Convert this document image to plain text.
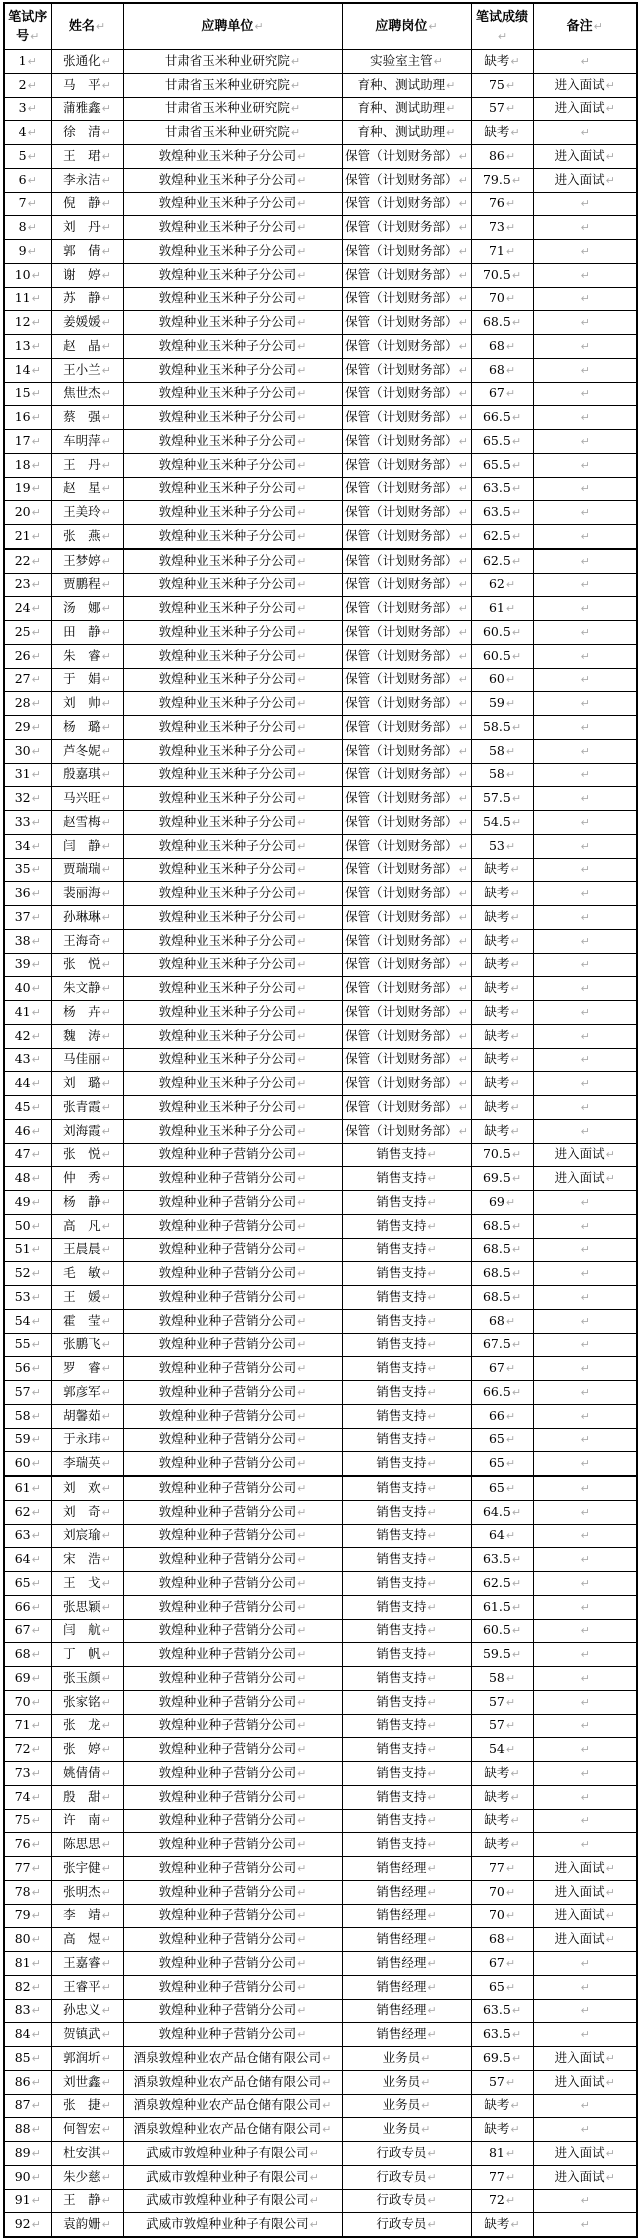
笔试序号↵	姓名↵	应聘单位↵	应聘岗位↵	笔试成绩↵	备注↵
1↵	张通化↵	甘肃省玉米种业研究院↵	实验室主管↵	缺考↵	↵
2↵	马　平↵	甘肃省玉米种业研究院↵	育种、测试助理↵	75↵	进入面试↵
3↵	蒲雅鑫↵	甘肃省玉米种业研究院↵	育种、测试助理↵	57↵	进入面试↵
4↵	徐　清↵	甘肃省玉米种业研究院↵	育种、测试助理↵	缺考↵	↵
5↵	王　珺↵	敦煌种业玉米种子分公司↵	保管（计划财务部）↵	86↵	进入面试↵
6↵	李永洁↵	敦煌种业玉米种子分公司↵	保管（计划财务部）↵	79.5↵	进入面试↵
7↵	倪　静↵	敦煌种业玉米种子分公司↵	保管（计划财务部）↵	76↵	↵
8↵	刘　丹↵	敦煌种业玉米种子分公司↵	保管（计划财务部）↵	73↵	↵
9↵	郭　倩↵	敦煌种业玉米种子分公司↵	保管（计划财务部）↵	71↵	↵
10↵	谢　婷↵	敦煌种业玉米种子分公司↵	保管（计划财务部）↵	70.5↵	↵
11↵	苏　静↵	敦煌种业玉米种子分公司↵	保管（计划财务部）↵	70↵	↵
12↵	姜媛媛↵	敦煌种业玉米种子分公司↵	保管（计划财务部）↵	68.5↵	↵
13↵	赵　晶↵	敦煌种业玉米种子分公司↵	保管（计划财务部）↵	68↵	↵
14↵	王小兰↵	敦煌种业玉米种子分公司↵	保管（计划财务部）↵	68↵	↵
15↵	焦世杰↵	敦煌种业玉米种子分公司↵	保管（计划财务部）↵	67↵	↵
16↵	蔡　强↵	敦煌种业玉米种子分公司↵	保管（计划财务部）↵	66.5↵	↵
17↵	车明萍↵	敦煌种业玉米种子分公司↵	保管（计划财务部）↵	65.5↵	↵
18↵	王　丹↵	敦煌种业玉米种子分公司↵	保管（计划财务部）↵	65.5↵	↵
19↵	赵　星↵	敦煌种业玉米种子分公司↵	保管（计划财务部）↵	63.5↵	↵
20↵	王美玲↵	敦煌种业玉米种子分公司↵	保管（计划财务部）↵	63.5↵	↵
21↵	张　燕↵	敦煌种业玉米种子分公司↵	保管（计划财务部）↵	62.5↵	↵
22↵	王梦婷↵	敦煌种业玉米种子分公司↵	保管（计划财务部）↵	62.5↵	↵
23↵	贾鹏程↵	敦煌种业玉米种子分公司↵	保管（计划财务部）↵	62↵	↵
24↵	汤　娜↵	敦煌种业玉米种子分公司↵	保管（计划财务部）↵	61↵	↵
25↵	田　静↵	敦煌种业玉米种子分公司↵	保管（计划财务部）↵	60.5↵	↵
26↵	朱　睿↵	敦煌种业玉米种子分公司↵	保管（计划财务部）↵	60.5↵	↵
27↵	于　娟↵	敦煌种业玉米种子分公司↵	保管（计划财务部）↵	60↵	↵
28↵	刘　帅↵	敦煌种业玉米种子分公司↵	保管（计划财务部）↵	59↵	↵
29↵	杨　璐↵	敦煌种业玉米种子分公司↵	保管（计划财务部）↵	58.5↵	↵
30↵	芦冬妮↵	敦煌种业玉米种子分公司↵	保管（计划财务部）↵	58↵	↵
31↵	殷嘉琪↵	敦煌种业玉米种子分公司↵	保管（计划财务部）↵	58↵	↵
32↵	马兴旺↵	敦煌种业玉米种子分公司↵	保管（计划财务部）↵	57.5↵	↵
33↵	赵雪梅↵	敦煌种业玉米种子分公司↵	保管（计划财务部）↵	54.5↵	↵
34↵	闫　静↵	敦煌种业玉米种子分公司↵	保管（计划财务部）↵	53↵	↵
35↵	贾瑞瑞↵	敦煌种业玉米种子分公司↵	保管（计划财务部）↵	缺考↵	↵
36↵	裴丽海↵	敦煌种业玉米种子分公司↵	保管（计划财务部）↵	缺考↵	↵
37↵	孙琳琳↵	敦煌种业玉米种子分公司↵	保管（计划财务部）↵	缺考↵	↵
38↵	王海奇↵	敦煌种业玉米种子分公司↵	保管（计划财务部）↵	缺考↵	↵
39↵	张　悦↵	敦煌种业玉米种子分公司↵	保管（计划财务部）↵	缺考↵	↵
40↵	朱文静↵	敦煌种业玉米种子分公司↵	保管（计划财务部）↵	缺考↵	↵
41↵	杨　卉↵	敦煌种业玉米种子分公司↵	保管（计划财务部）↵	缺考↵	↵
42↵	魏　涛↵	敦煌种业玉米种子分公司↵	保管（计划财务部）↵	缺考↵	↵
43↵	马佳丽↵	敦煌种业玉米种子分公司↵	保管（计划财务部）↵	缺考↵	↵
44↵	刘　璐↵	敦煌种业玉米种子分公司↵	保管（计划财务部）↵	缺考↵	↵
45↵	张青霞↵	敦煌种业玉米种子分公司↵	保管（计划财务部）↵	缺考↵	↵
46↵	刘海霞↵	敦煌种业玉米种子分公司↵	保管（计划财务部）↵	缺考↵	↵
47↵	张　悦↵	敦煌种业种子营销分公司↵	销售支持↵	70.5↵	进入面试↵
48↵	仲　秀↵	敦煌种业种子营销分公司↵	销售支持↵	69.5↵	进入面试↵
49↵	杨　静↵	敦煌种业种子营销分公司↵	销售支持↵	69↵	↵
50↵	高　凡↵	敦煌种业种子营销分公司↵	销售支持↵	68.5↵	↵
51↵	王晨晨↵	敦煌种业种子营销分公司↵	销售支持↵	68.5↵	↵
52↵	毛　敏↵	敦煌种业种子营销分公司↵	销售支持↵	68.5↵	↵
53↵	王　媛↵	敦煌种业种子营销分公司↵	销售支持↵	68.5↵	↵
54↵	霍　莹↵	敦煌种业种子营销分公司↵	销售支持↵	68↵	↵
55↵	张鹏飞↵	敦煌种业种子营销分公司↵	销售支持↵	67.5↵	↵
56↵	罗　睿↵	敦煌种业种子营销分公司↵	销售支持↵	67↵	↵
57↵	郭彦军↵	敦煌种业种子营销分公司↵	销售支持↵	66.5↵	↵
58↵	胡馨茹↵	敦煌种业种子营销分公司↵	销售支持↵	66↵	↵
59↵	于永玮↵	敦煌种业种子营销分公司↵	销售支持↵	65↵	↵
60↵	李瑞英↵	敦煌种业种子营销分公司↵	销售支持↵	65↵	↵
61↵	刘　欢↵	敦煌种业种子营销分公司↵	销售支持↵	65↵	↵
62↵	刘　奇↵	敦煌种业种子营销分公司↵	销售支持↵	64.5↵	↵
63↵	刘宸瑜↵	敦煌种业种子营销分公司↵	销售支持↵	64↵	↵
64↵	宋　浩↵	敦煌种业种子营销分公司↵	销售支持↵	63.5↵	↵
65↵	王　戈↵	敦煌种业种子营销分公司↵	销售支持↵	62.5↵	↵
66↵	张思颖↵	敦煌种业种子营销分公司↵	销售支持↵	61.5↵	↵
67↵	闫　航↵	敦煌种业种子营销分公司↵	销售支持↵	60.5↵	↵
68↵	丁　帆↵	敦煌种业种子营销分公司↵	销售支持↵	59.5↵	↵
69↵	张玉颜↵	敦煌种业种子营销分公司↵	销售支持↵	58↵	↵
70↵	张家铭↵	敦煌种业种子营销分公司↵	销售支持↵	57↵	↵
71↵	张　龙↵	敦煌种业种子营销分公司↵	销售支持↵	57↵	↵
72↵	张　婷↵	敦煌种业种子营销分公司↵	销售支持↵	54↵	↵
73↵	姚倩倩↵	敦煌种业种子营销分公司↵	销售支持↵	缺考↵	↵
74↵	殷　甜↵	敦煌种业种子营销分公司↵	销售支持↵	缺考↵	↵
75↵	许　南↵	敦煌种业种子营销分公司↵	销售支持↵	缺考↵	↵
76↵	陈思思↵	敦煌种业种子营销分公司↵	销售支持↵	缺考↵	↵
77↵	张宇健↵	敦煌种业种子营销分公司↵	销售经理↵	77↵	进入面试↵
78↵	张明杰↵	敦煌种业种子营销分公司↵	销售经理↵	70↵	进入面试↵
79↵	李　靖↵	敦煌种业种子营销分公司↵	销售经理↵	70↵	进入面试↵
80↵	高　煜↵	敦煌种业种子营销分公司↵	销售经理↵	68↵	进入面试↵
81↵	王嘉睿↵	敦煌种业种子营销分公司↵	销售经理↵	67↵	↵
82↵	王睿平↵	敦煌种业种子营销分公司↵	销售经理↵	65↵	↵
83↵	孙忠义↵	敦煌种业种子营销分公司↵	销售经理↵	63.5↵	↵
84↵	贺镇武↵	敦煌种业种子营销分公司↵	销售经理↵	63.5↵	↵
85↵	郭润圻↵	酒泉敦煌种业农产品仓储有限公司↵	业务员↵	69.5↵	进入面试↵
86↵	刘世鑫↵	酒泉敦煌种业农产品仓储有限公司↵	业务员↵	57↵	进入面试↵
87↵	张　捷↵	酒泉敦煌种业农产品仓储有限公司↵	业务员↵	缺考↵	↵
88↵	何智宏↵	酒泉敦煌种业农产品仓储有限公司↵	业务员↵	缺考↵	↵
89↵	杜安淇↵	武威市敦煌种业种子有限公司↵	行政专员↵	81↵	进入面试↵
90↵	朱少慈↵	武威市敦煌种业种子有限公司↵	行政专员↵	77↵	进入面试↵
91↵	王　静↵	武威市敦煌种业种子有限公司↵	行政专员↵	72↵	↵
92↵	袁韵姗↵	武威市敦煌种业种子有限公司↵	行政专员↵	缺考↵	↵
